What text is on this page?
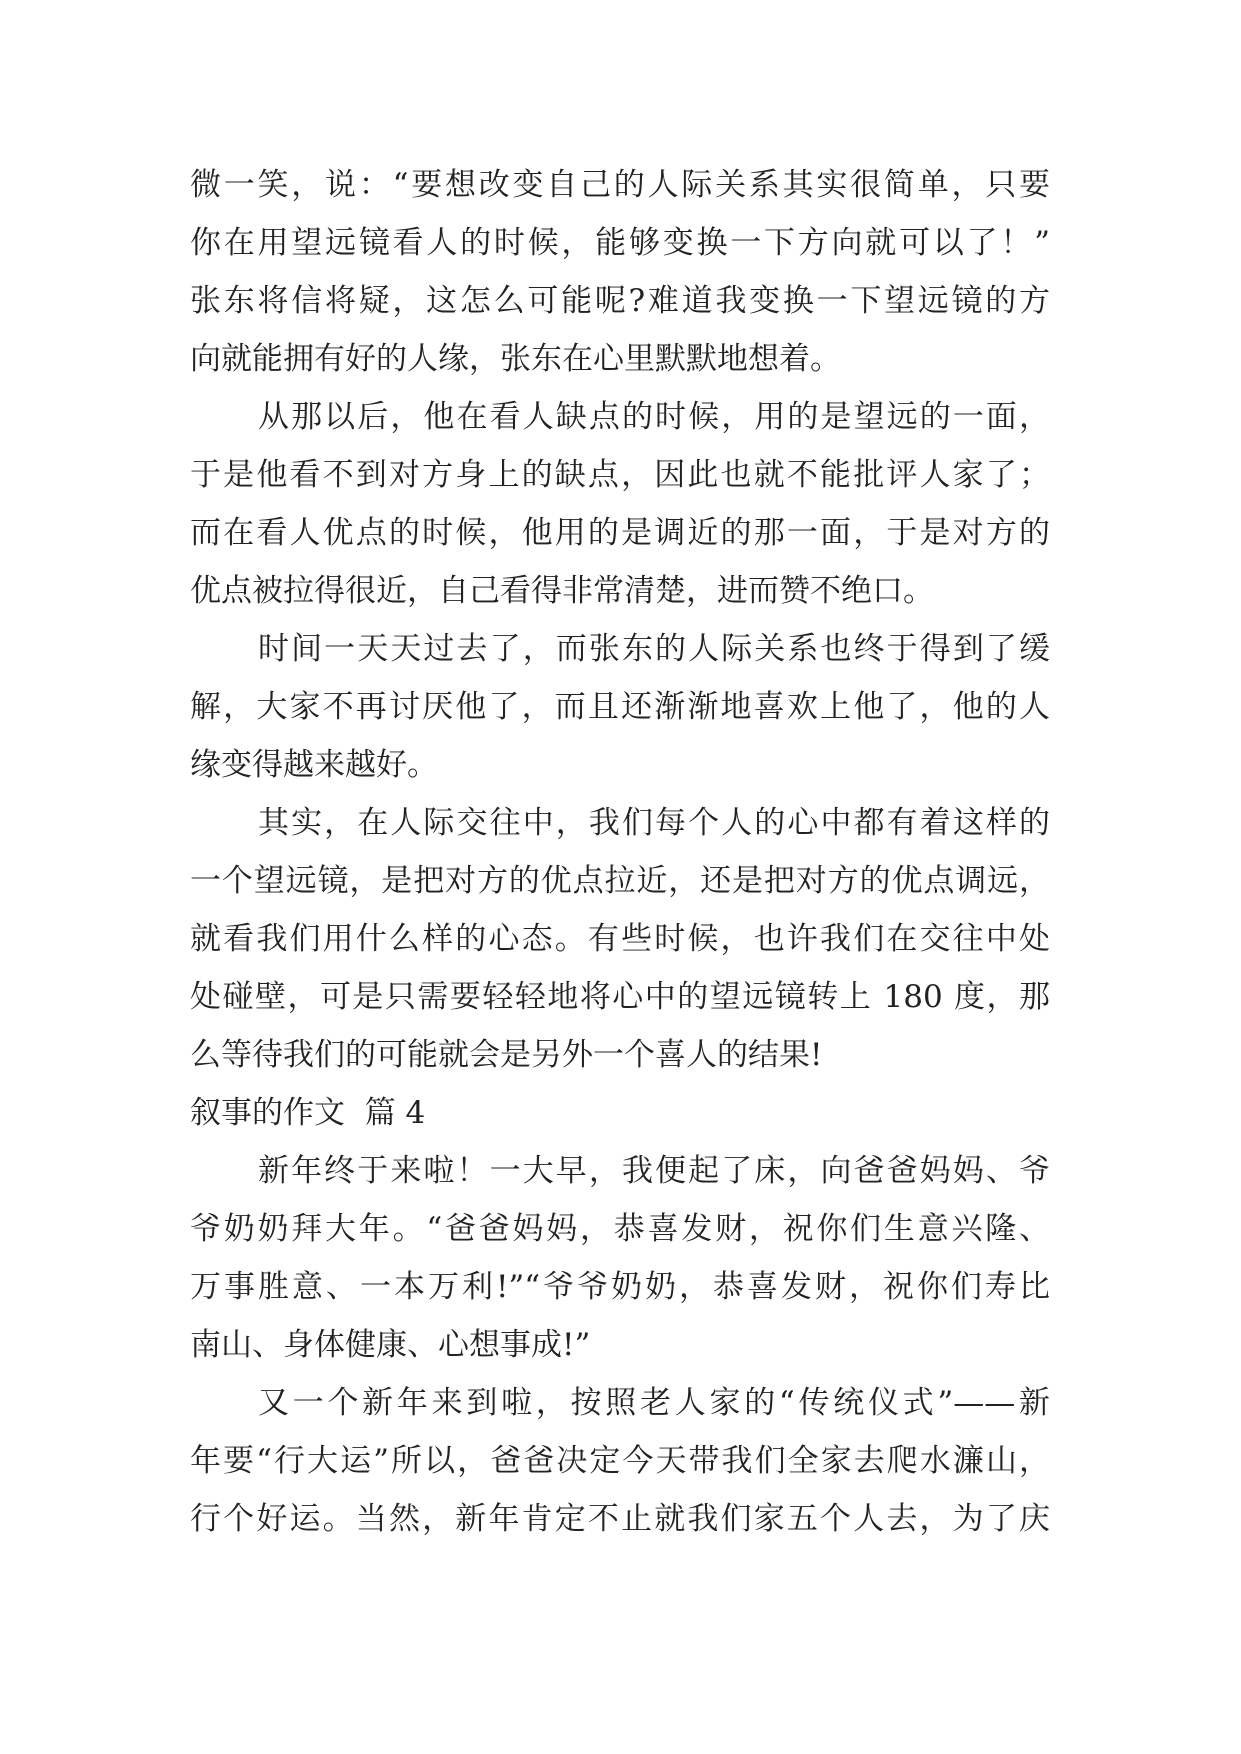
微一笑，说：“要想改变自己的人际关系其实很简单，只要
你在用望远镜看人的时候，能够变换一下方向就可以了！”
张东将信将疑，这怎么可能呢?难道我变换一下望远镜的方
向就能拥有好的人缘，张东在心里默默地想着。
从那以后，他在看人缺点的时候，用的是望远的一面，
于是他看不到对方身上的缺点，因此也就不能批评人家了；
而在看人优点的时候，他用的是调近的那一面，于是对方的
优点被拉得很近，自己看得非常清楚，进而赞不绝口。
时间一天天过去了，而张东的人际关系也终于得到了缓
解，大家不再讨厌他了，而且还渐渐地喜欢上他了，他的人
缘变得越来越好。
其实，在人际交往中，我们每个人的心中都有着这样的
一个望远镜，是把对方的优点拉近，还是把对方的优点调远，
就看我们用什么样的心态。有些时候，也许我们在交往中处
处碰壁，可是只需要轻轻地将心中的望远镜转上 180 度，那
么等待我们的可能就会是另外一个喜人的结果!
叙事的作文  篇 4
新年终于来啦！一大早，我便起了床，向爸爸妈妈、爷
爷奶奶拜大年。“爸爸妈妈，恭喜发财，祝你们生意兴隆、
万事胜意、一本万利!”“爷爷奶奶，恭喜发财，祝你们寿比
南山、身体健康、心想事成!”
又一个新年来到啦，按照老人家的“传统仪式”——新
年要“行大运”所以，爸爸决定今天带我们全家去爬水濂山，
行个好运。当然，新年肯定不止就我们家五个人去，为了庆
